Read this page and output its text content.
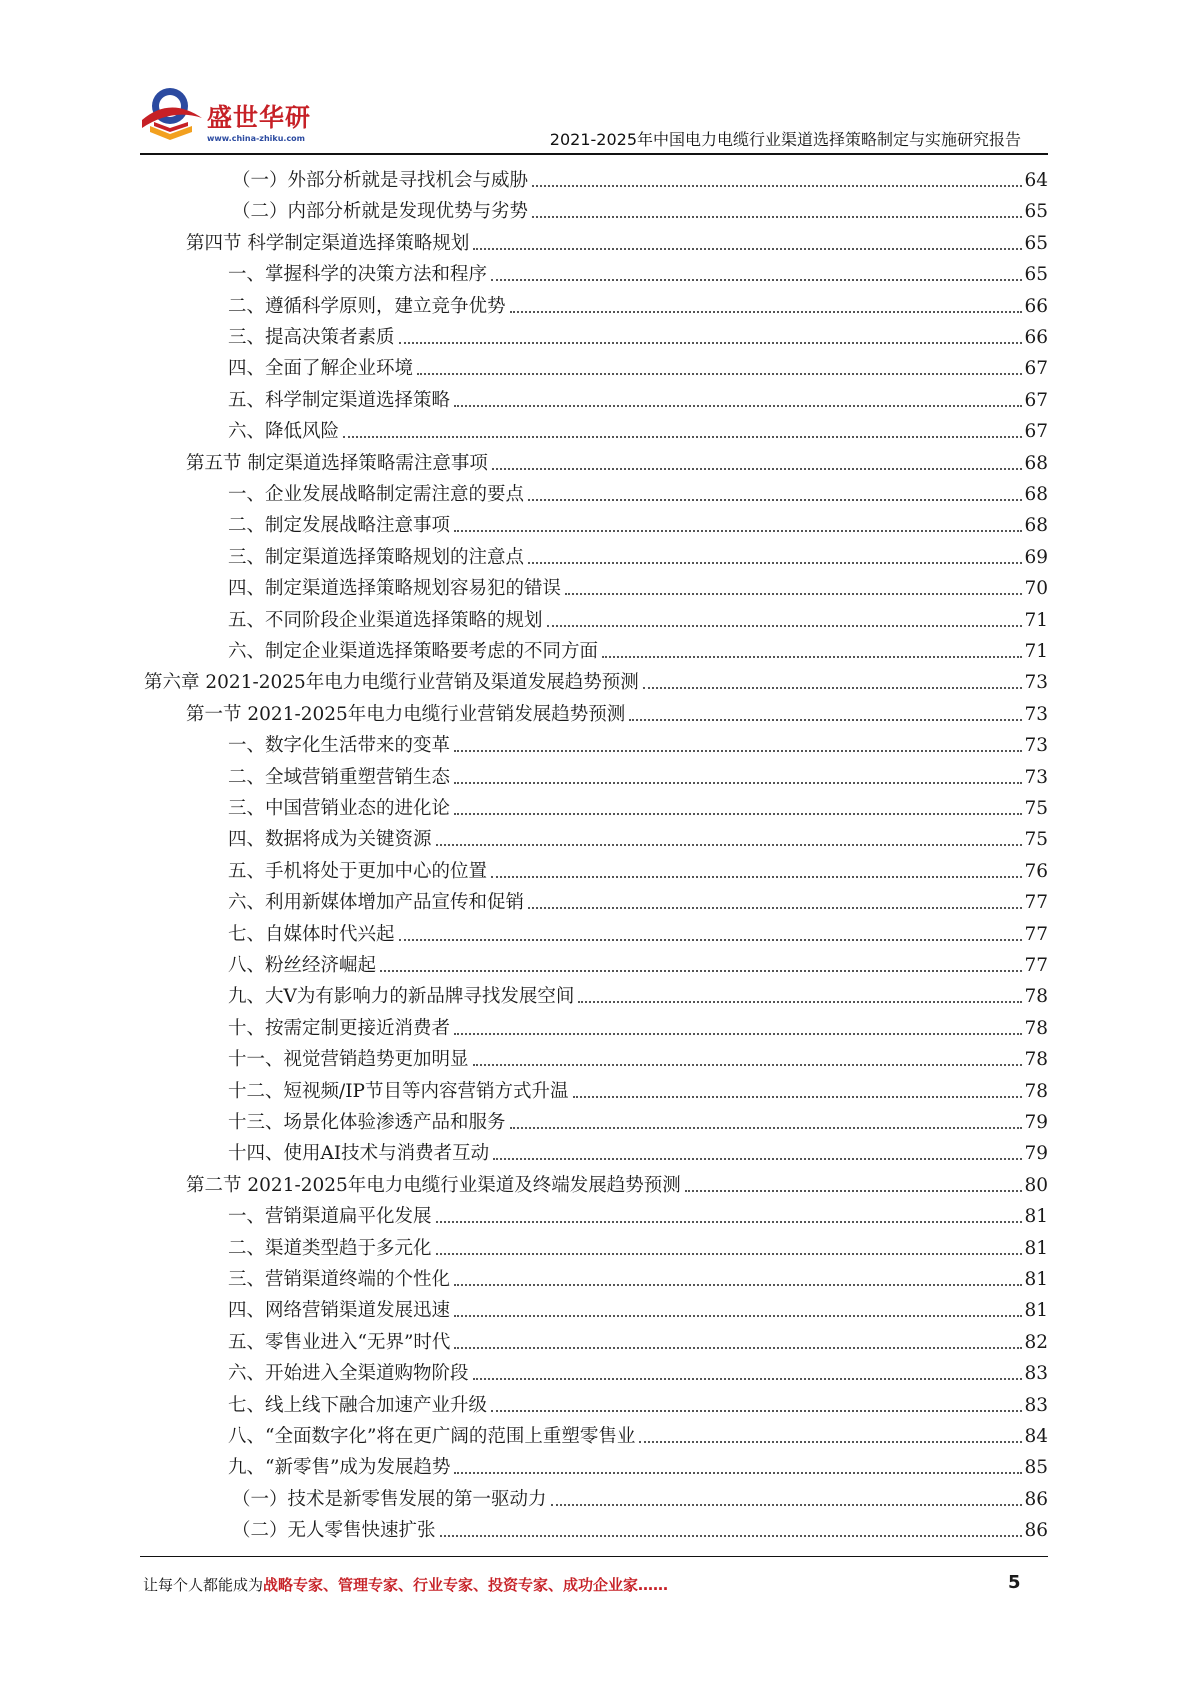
盛世华研
www.china-zhiku.com	2021-2025年中国电力电缆行业渠道选择策略制定与实施研究报告
（一）外部分析就是寻找机会与威胁	64
（二）内部分析就是发现优势与劣势	65
第四节 科学制定渠道选择策略规划	65
一、掌握科学的决策方法和程序	65
二、遵循科学原则，建立竞争优势	66
三、提高决策者素质	66
四、全面了解企业环境	67
五、科学制定渠道选择策略	67
六、降低风险	67
第五节 制定渠道选择策略需注意事项	68
一、企业发展战略制定需注意的要点	68
二、制定发展战略注意事项	68
三、制定渠道选择策略规划的注意点	69
四、制定渠道选择策略规划容易犯的错误	70
五、不同阶段企业渠道选择策略的规划	71
六、制定企业渠道选择策略要考虑的不同方面	71
第六章 2021-2025年电力电缆行业营销及渠道发展趋势预测	73
第一节 2021-2025年电力电缆行业营销发展趋势预测	73
一、数字化生活带来的变革	73
二、全域营销重塑营销生态	73
三、中国营销业态的进化论	75
四、数据将成为关键资源	75
五、手机将处于更加中心的位置	76
六、利用新媒体增加产品宣传和促销	77
七、自媒体时代兴起	77
八、粉丝经济崛起	77
九、大V为有影响力的新品牌寻找发展空间	78
十、按需定制更接近消费者	78
十一、视觉营销趋势更加明显	78
十二、短视频/IP节目等内容营销方式升温	78
十三、场景化体验渗透产品和服务	79
十四、使用AI技术与消费者互动	79
第二节 2021-2025年电力电缆行业渠道及终端发展趋势预测	80
一、营销渠道扁平化发展	81
二、渠道类型趋于多元化	81
三、营销渠道终端的个性化	81
四、网络营销渠道发展迅速	81
五、零售业进入“无界”时代	82
六、开始进入全渠道购物阶段	83
七、线上线下融合加速产业升级	83
八、“全面数字化”将在更广阔的范围上重塑零售业	84
九、“新零售”成为发展趋势	85
（一）技术是新零售发展的第一驱动力	86
（二）无人零售快速扩张	86
让每个人都能成为战略专家、管理专家、行业专家、投资专家、成功企业家……	5
